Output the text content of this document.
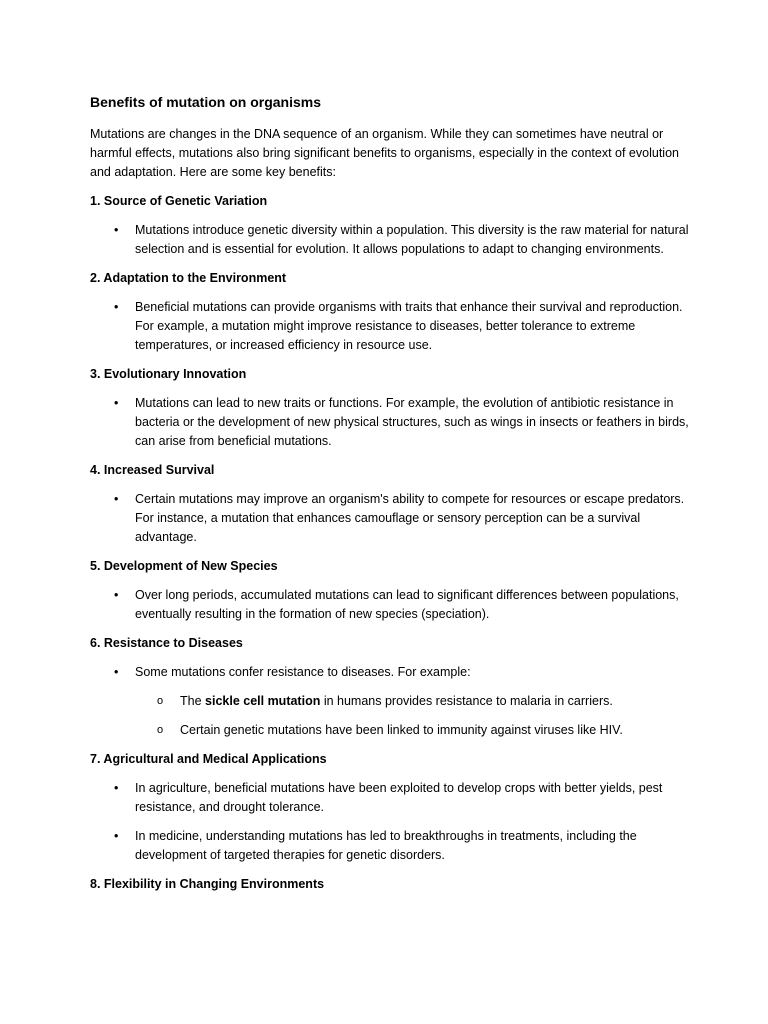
Benefits of mutation on organisms

Mutations are changes in the DNA sequence of an organism. While they can sometimes have neutral or harmful effects, mutations also bring significant benefits to organisms, especially in the context of evolution and adaptation. Here are some key benefits:

1. Source of Genetic Variation
• Mutations introduce genetic diversity within a population. This diversity is the raw material for natural selection and is essential for evolution. It allows populations to adapt to changing environments.
2. Adaptation to the Environment
• Beneficial mutations can provide organisms with traits that enhance their survival and reproduction. For example, a mutation might improve resistance to diseases, better tolerance to extreme temperatures, or increased efficiency in resource use.
3. Evolutionary Innovation
• Mutations can lead to new traits or functions. For example, the evolution of antibiotic resistance in bacteria or the development of new physical structures, such as wings in insects or feathers in birds, can arise from beneficial mutations.
4. Increased Survival
• Certain mutations may improve an organism's ability to compete for resources or escape predators. For instance, a mutation that enhances camouflage or sensory perception can be a survival advantage.
5. Development of New Species
• Over long periods, accumulated mutations can lead to significant differences between populations, eventually resulting in the formation of new species (speciation).
6. Resistance to Diseases
• Some mutations confer resistance to diseases. For example:
o The sickle cell mutation in humans provides resistance to malaria in carriers.
o Certain genetic mutations have been linked to immunity against viruses like HIV.
7. Agricultural and Medical Applications
• In agriculture, beneficial mutations have been exploited to develop crops with better yields, pest resistance, and drought tolerance.
• In medicine, understanding mutations has led to breakthroughs in treatments, including the development of targeted therapies for genetic disorders.
8. Flexibility in Changing Environments
